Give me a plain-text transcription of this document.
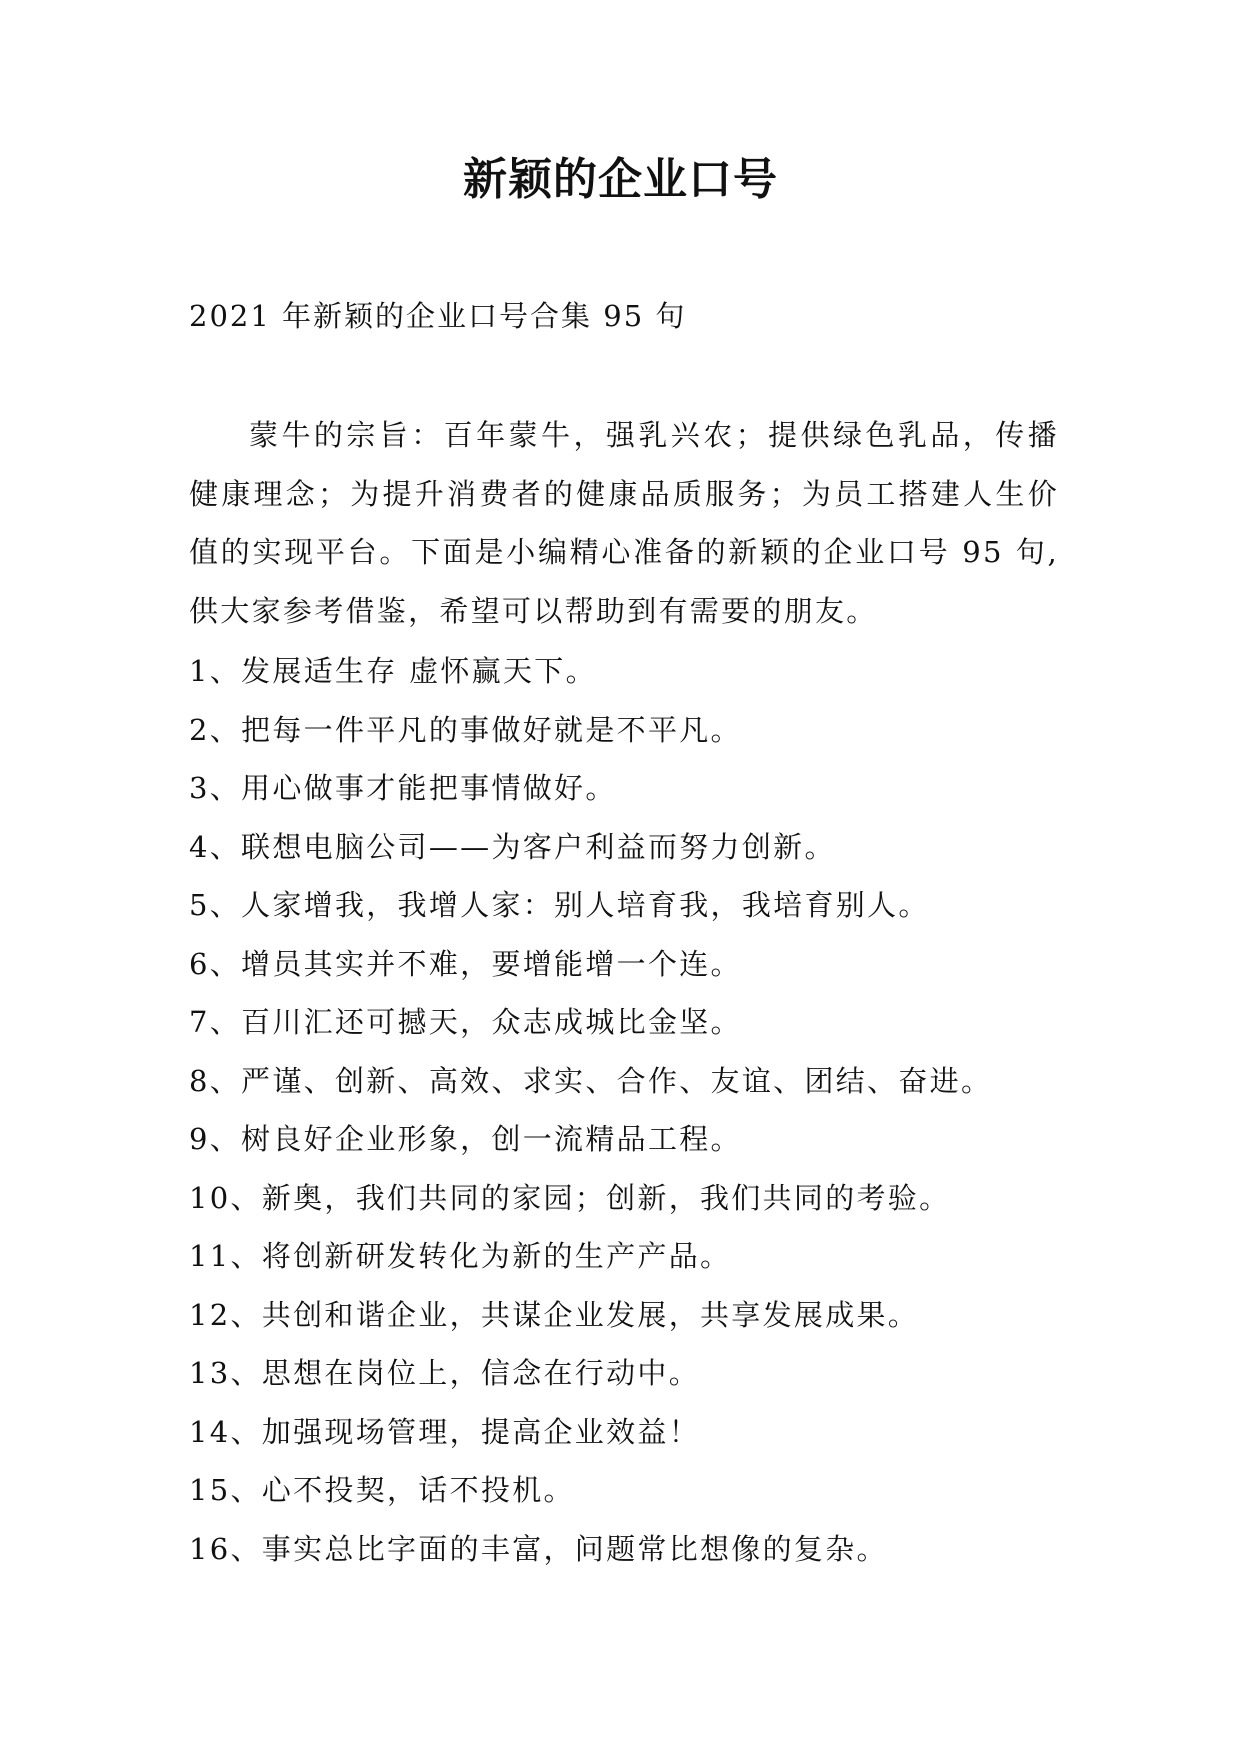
新颖的企业口号
2021 年新颖的企业口号合集 95 句
蒙牛的宗旨：百年蒙牛，强乳兴农；提供绿色乳品，传播健康理念；为提升消费者的健康品质服务；为员工搭建人生价值的实现平台。下面是小编精心准备的新颖的企业口号 95 句,供大家参考借鉴，希望可以帮助到有需要的朋友。
1、发展适生存 虚怀赢天下。
2、把每一件平凡的事做好就是不平凡。
3、用心做事才能把事情做好。
4、联想电脑公司——为客户利益而努力创新。
5、人家增我，我增人家：别人培育我，我培育别人。
6、增员其实并不难，要增能增一个连。
7、百川汇还可撼天，众志成城比金坚。
8、严谨、创新、高效、求实、合作、友谊、团结、奋进。
9、树良好企业形象，创一流精品工程。
10、新奥，我们共同的家园；创新，我们共同的考验。
11、将创新研发转化为新的生产产品。
12、共创和谐企业，共谋企业发展，共享发展成果。
13、思想在岗位上，信念在行动中。
14、加强现场管理，提高企业效益！
15、心不投契，话不投机。
16、事实总比字面的丰富，问题常比想像的复杂。
